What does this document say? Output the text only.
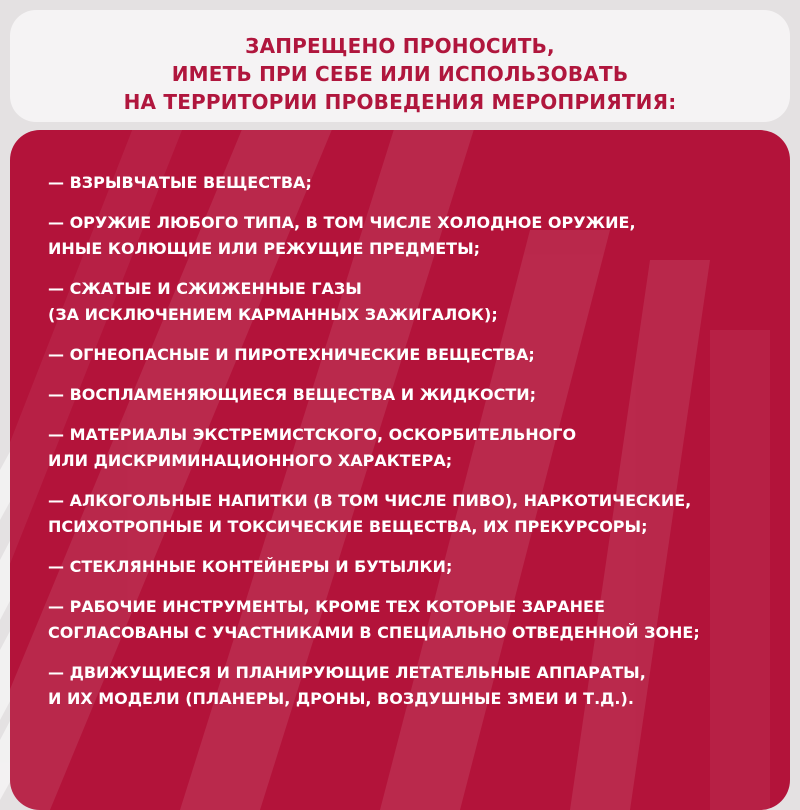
ЗАПРЕЩЕНО ПРОНОСИТЬ,
ИМЕТЬ ПРИ СЕБЕ ИЛИ ИСПОЛЬЗОВАТЬ
НА ТЕРРИТОРИИ ПРОВЕДЕНИЯ МЕРОПРИЯТИЯ:
— ВЗРЫВЧАТЫЕ ВЕЩЕСТВА;
— ОРУЖИЕ ЛЮБОГО ТИПА, В ТОМ ЧИСЛЕ ХОЛОДНОЕ ОРУЖИЕ,
ИНЫЕ КОЛЮЩИЕ ИЛИ РЕЖУЩИЕ ПРЕДМЕТЫ;
— СЖАТЫЕ И СЖИЖЕННЫЕ ГАЗЫ
(ЗА ИСКЛЮЧЕНИЕМ КАРМАННЫХ ЗАЖИГАЛОК);
— ОГНЕОПАСНЫЕ И ПИРОТЕХНИЧЕСКИЕ ВЕЩЕСТВА;
— ВОСПЛАМЕНЯЮЩИЕСЯ ВЕЩЕСТВА И ЖИДКОСТИ;
— МАТЕРИАЛЫ ЭКСТРЕМИСТСКОГО, ОСКОРБИТЕЛЬНОГО
ИЛИ ДИСКРИМИНАЦИОННОГО ХАРАКТЕРА;
— АЛКОГОЛЬНЫЕ НАПИТКИ (В ТОМ ЧИСЛЕ ПИВО), НАРКОТИЧЕСКИЕ,
ПСИХОТРОПНЫЕ И ТОКСИЧЕСКИЕ ВЕЩЕСТВА, ИХ ПРЕКУРСОРЫ;
— СТЕКЛЯННЫЕ КОНТЕЙНЕРЫ И БУТЫЛКИ;
— РАБОЧИЕ ИНСТРУМЕНТЫ, КРОМЕ ТЕХ КОТОРЫЕ ЗАРАНЕЕ
СОГЛАСОВАНЫ С УЧАСТНИКАМИ В СПЕЦИАЛЬНО ОТВЕДЕННОЙ ЗОНЕ;
— ДВИЖУЩИЕСЯ И ПЛАНИРУЮЩИЕ ЛЕТАТЕЛЬНЫЕ АППАРАТЫ,
И ИХ МОДЕЛИ (ПЛАНЕРЫ, ДРОНЫ, ВОЗДУШНЫЕ ЗМЕИ И Т.Д.).
